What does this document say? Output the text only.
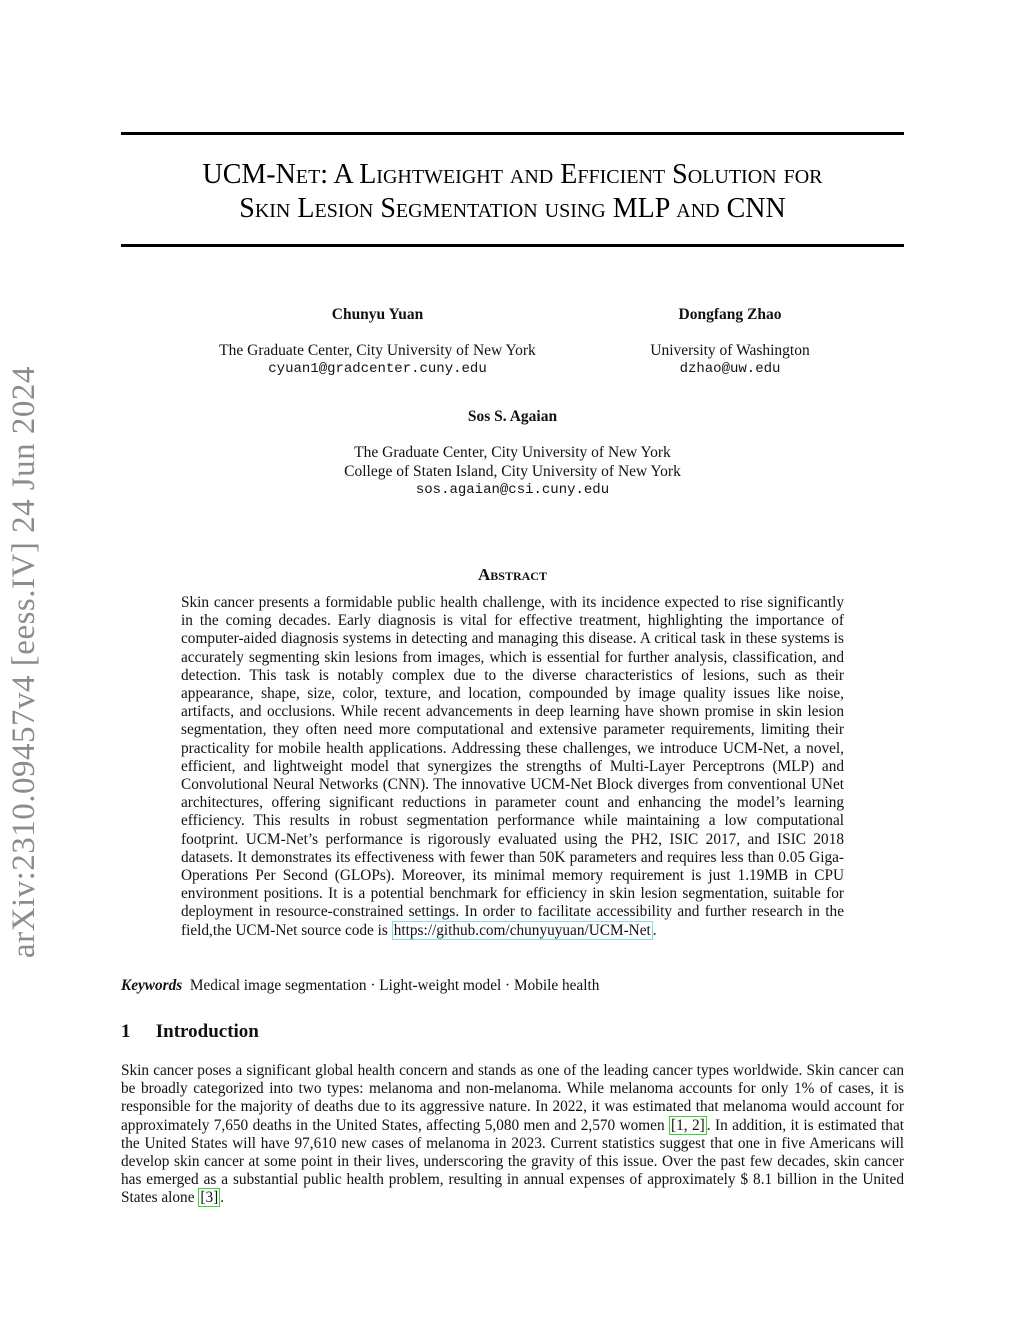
arXiv:2310.09457v4 [eess.IV] 24 Jun 2024
UCM-Net: A Lightweight and Efficient Solution for
Skin Lesion Segmentation using MLP and CNN
Chunyu Yuan
The Graduate Center, City University of New York
cyuan1@gradcenter.cuny.edu
Dongfang Zhao
University of Washington
dzhao@uw.edu
Sos S. Agaian
The Graduate Center, City University of New York
College of Staten Island, City University of New York
sos.agaian@csi.cuny.edu
Abstract
Skin cancer presents a formidable public health challenge, with its incidence expected to rise significantly in the coming decades. Early diagnosis is vital for effective treatment, highlighting the importance of computer-aided diagnosis systems in detecting and managing this disease. A critical task in these systems is accurately segmenting skin lesions from images, which is essential for further analysis, classification, and detection. This task is notably complex due to the diverse characteristics of lesions, such as their appearance, shape, size, color, texture, and location, compounded by image quality issues like noise, artifacts, and occlusions. While recent advancements in deep learning have shown promise in skin lesion segmentation, they often need more computational and extensive parameter requirements, limiting their practicality for mobile health applications. Addressing these challenges, we introduce UCM-Net, a novel, efficient, and lightweight model that synergizes the strengths of Multi-Layer Perceptrons (MLP) and Convolutional Neural Networks (CNN). The innovative UCM-Net Block diverges from conventional UNet architectures, offering significant reductions in parameter count and enhancing the model’s learning efficiency. This results in robust segmentation performance while maintaining a low computational footprint. UCM-Net’s performance is rigorously evaluated using the PH2, ISIC 2017, and ISIC 2018 datasets. It demonstrates its effectiveness with fewer than 50K parameters and requires less than 0.05 Giga-Operations Per Second (GLOPs). Moreover, its minimal memory requirement is just 1.19MB in CPU environment positions. It is a potential benchmark for efficiency in skin lesion segmentation, suitable for deployment in resource-constrained settings. In order to facilitate accessibility and further research in the field,the UCM-Net source code is https://github.com/chunyuyuan/UCM-Net .
Keywords Medical image segmentation · Light-weight model · Mobile health
1 Introduction
Skin cancer poses a significant global health concern and stands as one of the leading cancer types worldwide. Skin cancer can be broadly categorized into two types: melanoma and non-melanoma. While melanoma accounts for only 1% of cases, it is responsible for the majority of deaths due to its aggressive nature. In 2022, it was estimated that melanoma would account for approximately 7,650 deaths in the United States, affecting 5,080 men and 2,570 women [1, 2] . In addition, it is estimated that the United States will have 97,610 new cases of melanoma in 2023. Current statistics suggest that one in five Americans will develop skin cancer at some point in their lives, underscoring the gravity of this issue. Over the past few decades, skin cancer has emerged as a substantial public health problem, resulting in annual expenses of approximately $ 8.1 billion in the United States alone [3] .
